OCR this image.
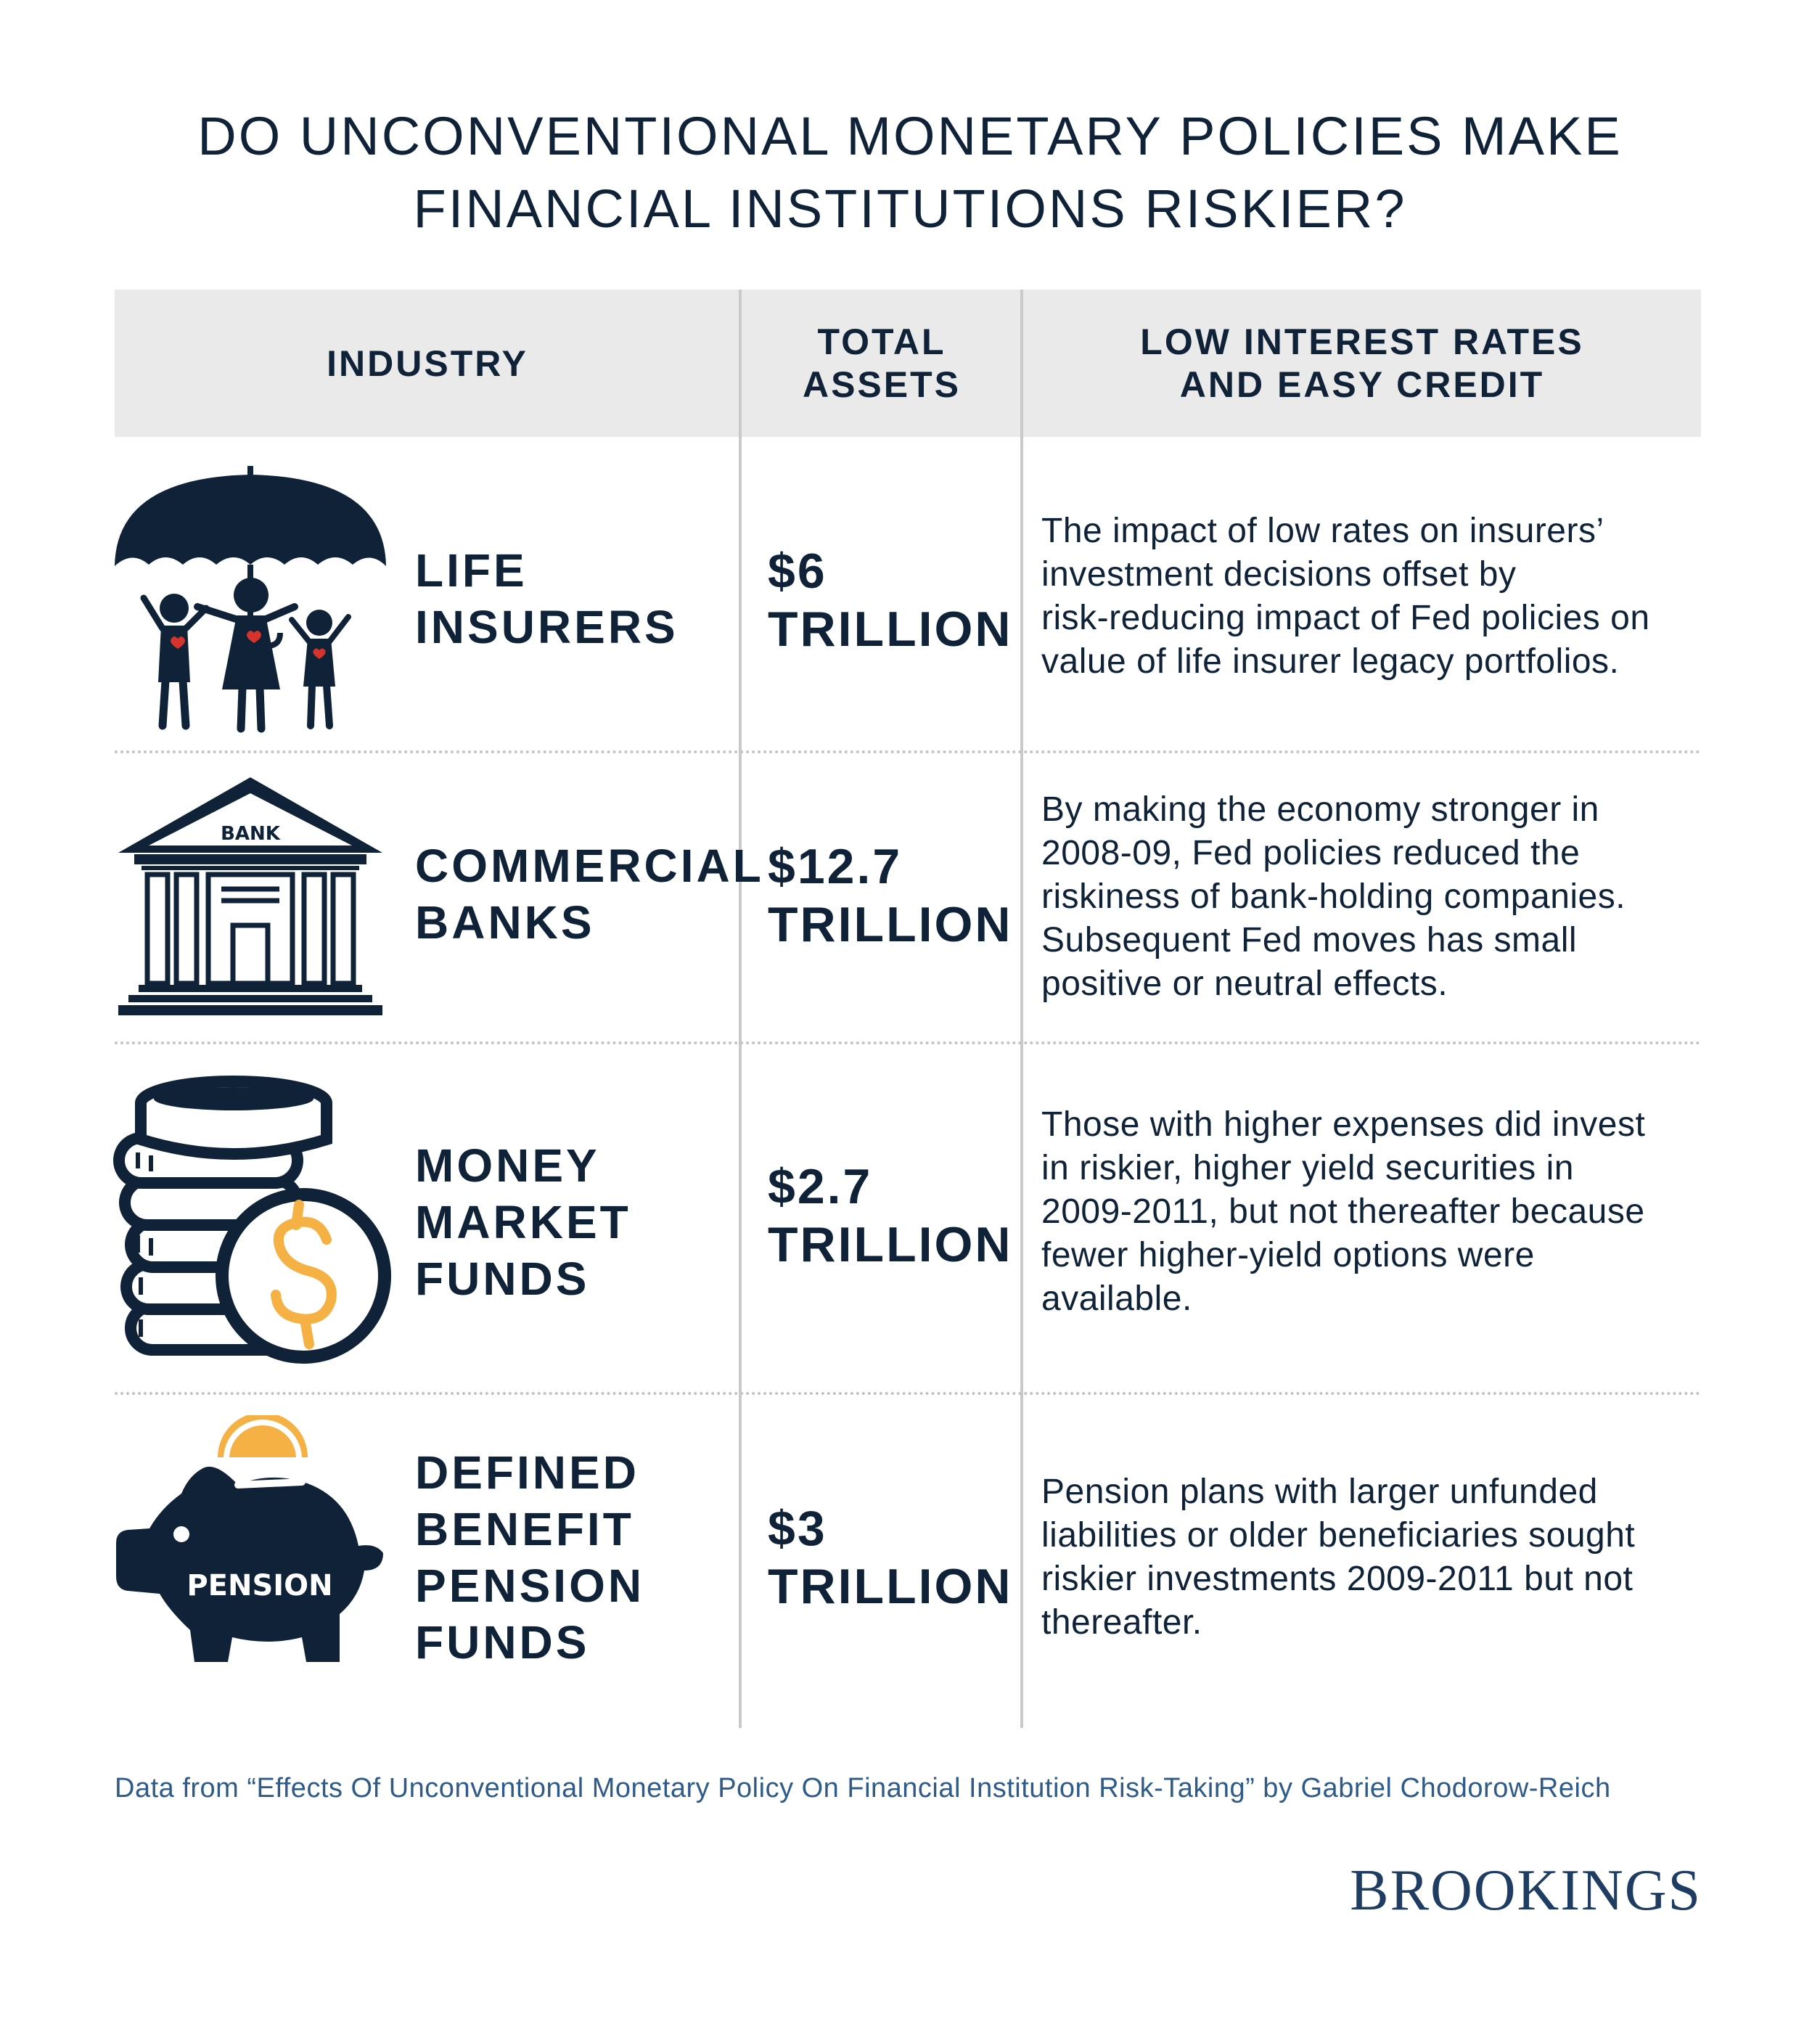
DO UNCONVENTIONAL MONETARY POLICIES MAKE
FINANCIAL INSTITUTIONS RISKIER?
INDUSTRY
TOTAL
ASSETS
LOW INTEREST RATES
AND EASY CREDIT
LIFE
INSURERS
$6
TRILLION
The impact of low rates on insurers’
investment decisions offset by
risk-reducing impact of Fed policies on
value of life insurer legacy portfolios.
BANK
COMMERCIAL
BANKS
$12.7
TRILLION
By making the economy stronger in
2008-09, Fed policies reduced the
riskiness of bank-holding companies.
Subsequent Fed moves has small
positive or neutral effects.
MONEY
MARKET
FUNDS
$2.7
TRILLION
Those with higher expenses did invest
in riskier, higher yield securities in
2009-2011, but not thereafter because
fewer higher-yield options were
available.
PENSION
DEFINED
BENEFIT
PENSION
FUNDS
$3
TRILLION
Pension plans with larger unfunded
liabilities or older beneficiaries sought
riskier investments 2009-2011 but not
thereafter.
Data from “Effects Of Unconventional Monetary Policy On Financial Institution Risk-Taking” by Gabriel Chodorow-Reich
BROOKINGS
